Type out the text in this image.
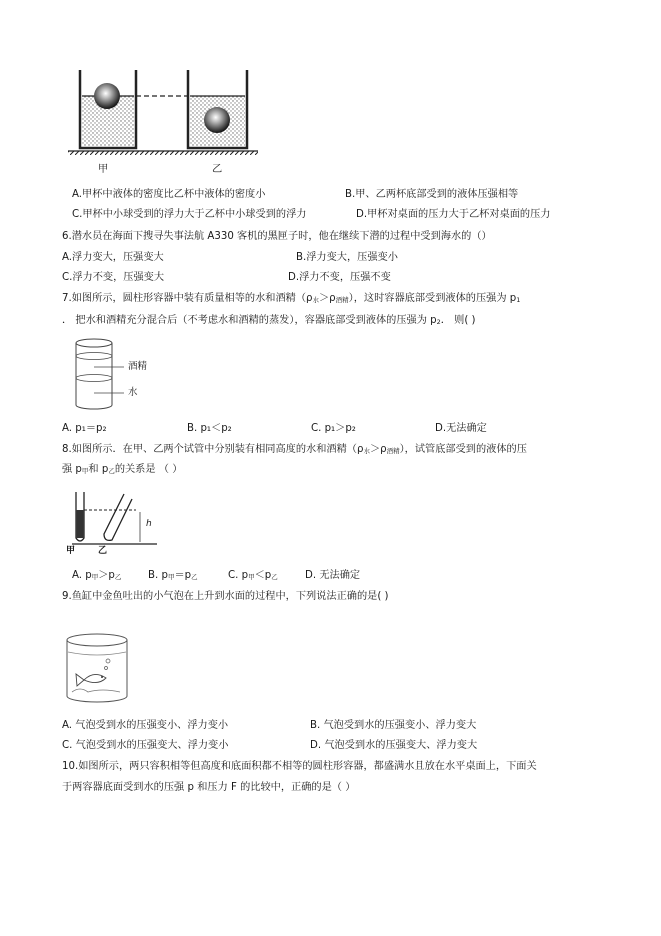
甲	乙
A.甲杯中液体的密度比乙杯中液体的密度小	B.甲、乙两杯底部受到的液体压强相等
C.甲杯中小球受到的浮力大于乙杯中小球受到的浮力	D.甲杯对桌面的压力大于乙杯对桌面的压力
6.潜水员在海面下搜寻失事法航 A330 客机的黑匣子时，他在继续下潜的过程中受到海水的（）
A.浮力变大，压强变大	B.浮力变大，压强变小
C.浮力不变，压强变大	D.浮力不变，压强不变
7.如图所示，圆柱形容器中装有质量相等的水和酒精（ρ水＞ρ酒精），这时容器底部受到液体的压强为 p1
． 把水和酒精充分混合后（不考虑水和酒精的蒸发），容器底部受到液体的压强为 p2． 则( )
酒精
水
A. p₁＝p₂	B. p₁＜p₂	C. p₁＞p₂	D.无法确定
8.如图所示．在甲、乙两个试管中分别装有相同高度的水和酒精（ρ水＞ρ酒精），试管底部受到的液体的压
强 p甲和 p乙的关系是 （ ）
甲	乙
h
A. p甲＞p乙	B. p甲＝p乙	C. p甲＜p乙	D. 无法确定
9.鱼缸中金鱼吐出的小气泡在上升到水面的过程中，下列说法正确的是( )
A. 气泡受到水的压强变小、浮力变小	B. 气泡受到水的压强变小、浮力变大
C. 气泡受到水的压强变大、浮力变小	D. 气泡受到水的压强变大、浮力变大
10.如图所示，两只容积相等但高度和底面积都不相等的圆柱形容器，都盛满水且放在水平桌面上，下面关
于两容器底面受到水的压强 p 和压力 F 的比较中，正确的是（ ）
